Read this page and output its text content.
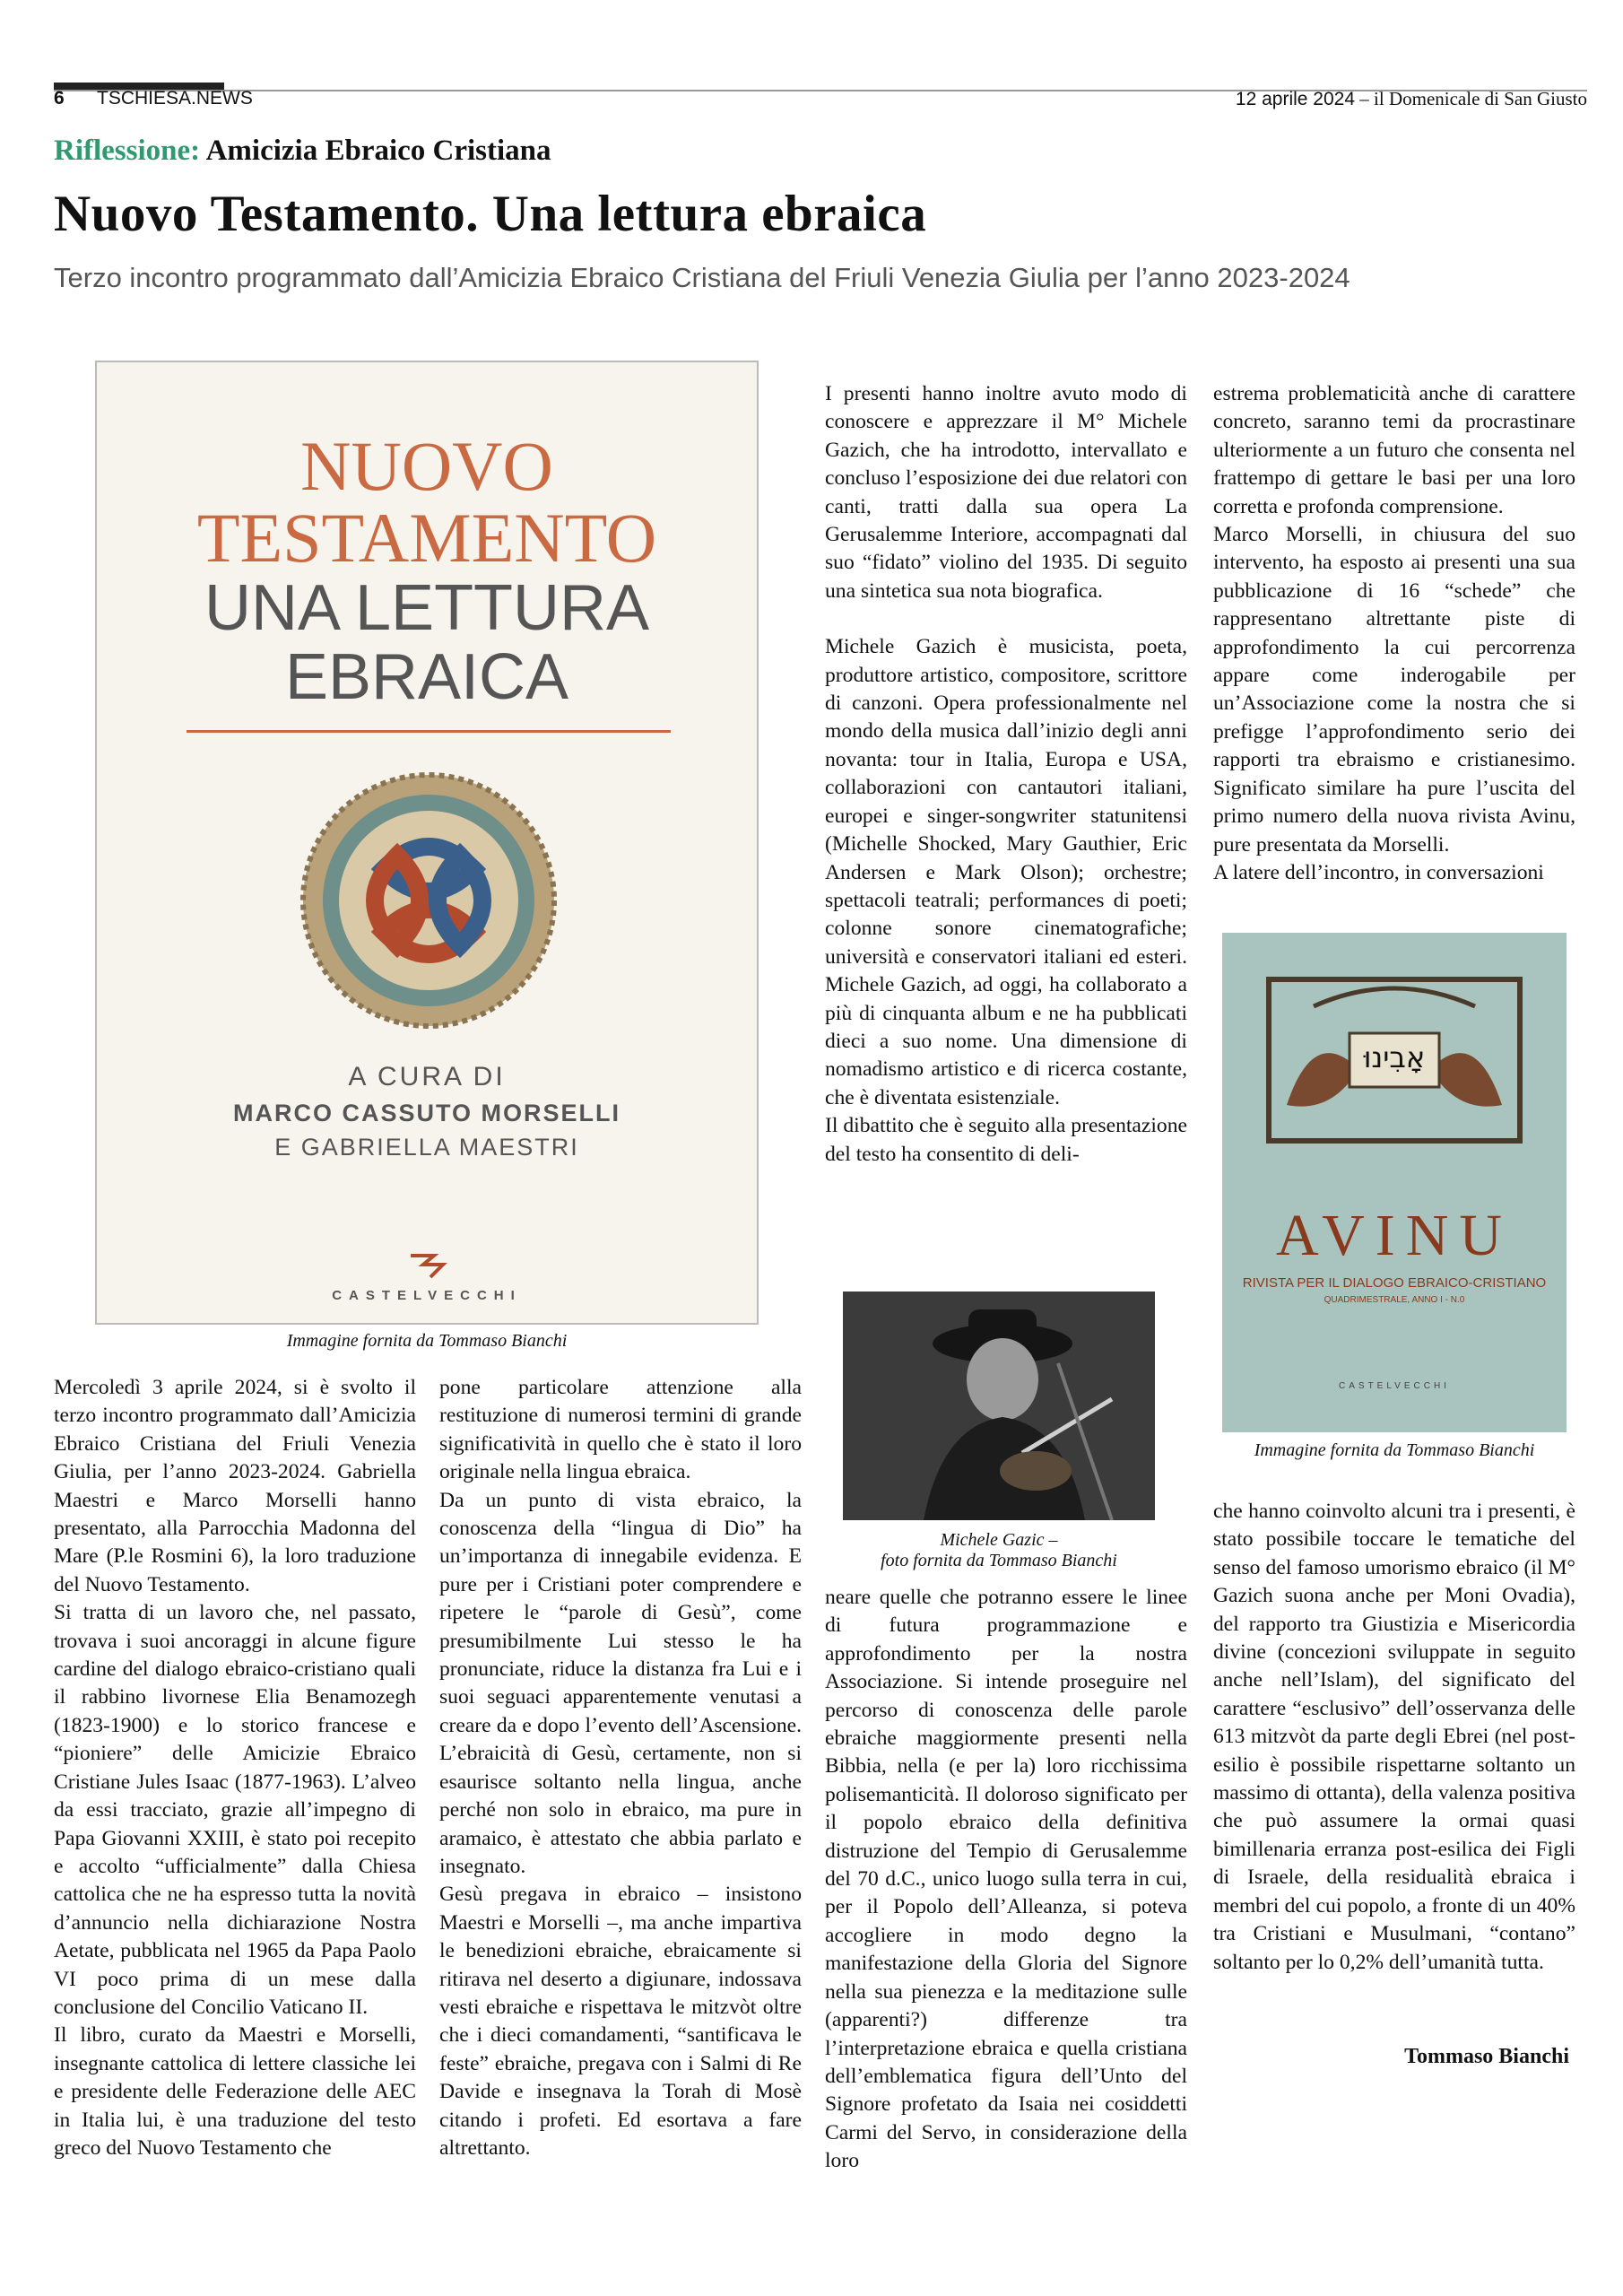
6 TSCHIESA.NEWS	12 aprile 2024 – il Domenicale di San Giusto
Riflessione: Amicizia Ebraico Cristiana
Nuovo Testamento. Una lettura ebraica
Terzo incontro programmato dall’Amicizia Ebraico Cristiana del Friuli Venezia Giulia per l’anno 2023-2024
NUOVO
TESTAMENTO
UNA LETTURA
EBRAICA
A CURA DI
MARCO CASSUTO MORSELLI
E GABRIELLA MAESTRI
CASTELVECCHI
Immagine fornita da Tommaso Bianchi

Mercoledì 3 aprile 2024, si è svolto il terzo incontro programmato dall’Amicizia Ebraico Cristiana del Friuli Venezia Giulia, per l’anno 2023-2024. Gabriella Maestri e Marco Morselli hanno presentato, alla Parrocchia Madonna del Mare (P.le Rosmini 6), la loro traduzione del Nuovo Testamento.

Si tratta di un lavoro che, nel passato, trovava i suoi ancoraggi in alcune figure cardine del dialogo ebraico-cristiano quali il rabbino livornese Elia Benamozegh (1823-1900) e lo storico francese e “pioniere” delle Amicizie Ebraico Cristiane Jules Isaac (1877-1963). L’alveo da essi tracciato, grazie all’impegno di Papa Giovanni XXIII, è stato poi recepito e accolto “ufficialmente” dalla Chiesa cattolica che ne ha espresso tutta la novità d’annuncio nella dichiarazione Nostra Aetate, pubblicata nel 1965 da Papa Paolo VI poco prima di un mese dalla conclusione del Concilio Vaticano II.

Il libro, curato da Maestri e Morselli, insegnante cattolica di lettere classiche lei e presidente delle Federazione delle AEC in Italia lui, è una traduzione del testo greco del Nuovo Testamento che

pone particolare attenzione alla restituzione di numerosi termini di grande significatività in quello che è stato il loro originale nella lingua ebraica.

Da un punto di vista ebraico, la conoscenza della “lingua di Dio” ha un’importanza di innegabile evidenza. E pure per i Cristiani poter comprendere e ripetere le “parole di Gesù”, come presumibilmente Lui stesso le ha pronunciate, riduce la distanza fra Lui e i suoi seguaci apparentemente venutasi a creare da e dopo l’evento dell’Ascensione. L’ebraicità di Gesù, certamente, non si esaurisce soltanto nella lingua, anche perché non solo in ebraico, ma pure in aramaico, è attestato che abbia parlato e insegnato.

Gesù pregava in ebraico – insistono Maestri e Morselli –, ma anche impartiva le benedizioni ebraiche, ebraicamente si ritirava nel deserto a digiunare, indossava vesti ebraiche e rispettava le mitzvòt oltre che i dieci comandamenti, “santificava le feste” ebraiche, pregava con i Salmi di Re Davide e insegnava la Torah di Mosè citando i profeti. Ed esortava a fare altrettanto.

I presenti hanno inoltre avuto modo di conoscere e apprezzare il M° Michele Gazich, che ha introdotto, intervallato e concluso l’esposizione dei due relatori con canti, tratti dalla sua opera La Gerusalemme Interiore, accompagnati dal suo “fidato” violino del 1935. Di seguito una sintetica sua nota biografica.

Michele Gazich è musicista, poeta, produttore artistico, compositore, scrittore di canzoni. Opera professionalmente nel mondo della musica dall’inizio degli anni novanta: tour in Italia, Europa e USA, collaborazioni con cantautori italiani, europei e singer-songwriter statunitensi (Michelle Shocked, Mary Gauthier, Eric Andersen e Mark Olson); orchestre; spettacoli teatrali; performances di poeti; colonne sonore cinematografiche; università e conservatori italiani ed esteri. Michele Gazich, ad oggi, ha collaborato a più di cinquanta album e ne ha pubblicati dieci a suo nome. Una dimensione di nomadismo artistico e di ricerca costante, che è diventata esistenziale.

Il dibattito che è seguito alla presentazione del testo ha consentito di deli-

Michele Gazic –
foto fornita da Tommaso Bianchi

neare quelle che potranno essere le linee di futura programmazione e approfondimento per la nostra Associazione. Si intende proseguire nel percorso di conoscenza delle parole ebraiche maggiormente presenti nella Bibbia, nella (e per la) loro ricchissima polisemanticità. Il doloroso significato per il popolo ebraico della definitiva distruzione del Tempio di Gerusalemme del 70 d.C., unico luogo sulla terra in cui, per il Popolo dell’Alleanza, si poteva accogliere in modo degno la manifestazione della Gloria del Signore nella sua pienezza e la meditazione sulle (apparenti?) differenze tra l’interpretazione ebraica e quella cristiana dell’emblematica figura dell’Unto del Signore profetato da Isaia nei cosiddetti Carmi del Servo, in considerazione della loro

estrema problematicità anche di carattere concreto, saranno temi da procrastinare ulteriormente a un futuro che consenta nel frattempo di gettare le basi per una loro corretta e profonda comprensione.

Marco Morselli, in chiusura del suo intervento, ha esposto ai presenti una sua pubblicazione di 16 “schede” che rappresentano altrettante piste di approfondimento la cui percorrenza appare come inderogabile per un’Associazione come la nostra che si prefigge l’approfondimento serio dei rapporti tra ebraismo e cristianesimo. Significato similare ha pure l’uscita del primo numero della nuova rivista Avinu, pure presentata da Morselli.

A latere dell’incontro, in conversazioni

אָבִינוּ
AVINU
RIVISTA PER IL DIALOGO EBRAICO-CRISTIANO
QUADRIMESTRALE, ANNO I - N.0
CASTELVECCHI
Immagine fornita da Tommaso Bianchi

che hanno coinvolto alcuni tra i presenti, è stato possibile toccare le tematiche del senso del famoso umorismo ebraico (il M° Gazich suona anche per Moni Ovadia), del rapporto tra Giustizia e Misericordia divine (concezioni sviluppate in seguito anche nell’Islam), del significato del carattere “esclusivo” dell’osservanza delle 613 mitzvòt da parte degli Ebrei (nel post-esilio è possibile rispettarne soltanto un massimo di ottanta), della valenza positiva che può assumere la ormai quasi bimillenaria erranza post-esilica dei Figli di Israele, della residualità ebraica i membri del cui popolo, a fronte di un 40% tra Cristiani e Musulmani, “contano” soltanto per lo 0,2% dell’umanità tutta.

Tommaso Bianchi
